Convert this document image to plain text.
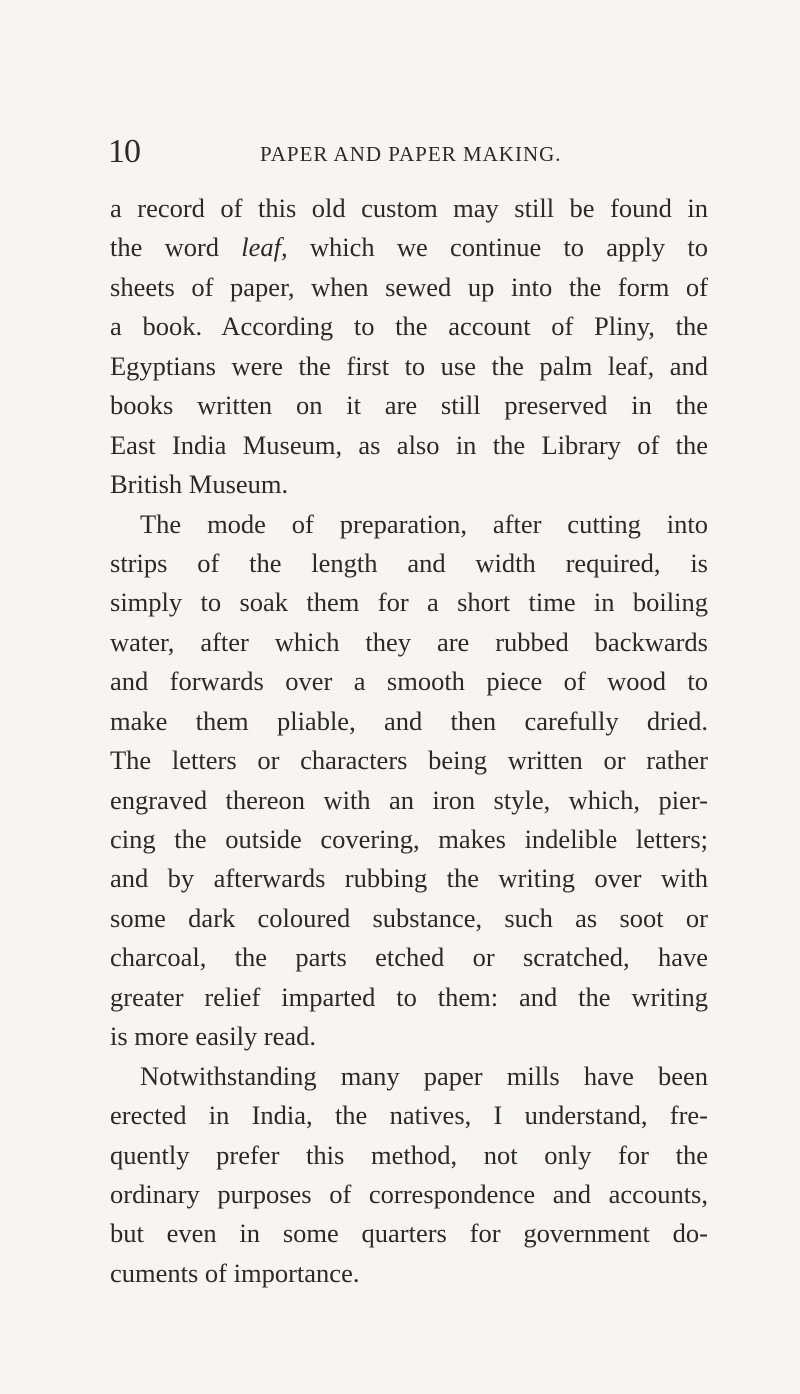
10	PAPER AND PAPER MAKING.
a record of this old custom may still be found in
the word leaf, which we continue to apply to
sheets of paper, when sewed up into the form of
a book. According to the account of Pliny, the
Egyptians were the first to use the palm leaf, and
books written on it are still preserved in the
East India Museum, as also in the Library of the
British Museum.
The mode of preparation, after cutting into
strips of the length and width required, is
simply to soak them for a short time in boiling
water, after which they are rubbed backwards
and forwards over a smooth piece of wood to
make them pliable, and then carefully dried.
The letters or characters being written or rather
engraved thereon with an iron style, which, pier-
cing the outside covering, makes indelible letters;
and by afterwards rubbing the writing over with
some dark coloured substance, such as soot or
charcoal, the parts etched or scratched, have
greater relief imparted to them: and the writing
is more easily read.
Notwithstanding many paper mills have been
erected in India, the natives, I understand, fre-
quently prefer this method, not only for the
ordinary purposes of correspondence and accounts,
but even in some quarters for government do-
cuments of importance.
